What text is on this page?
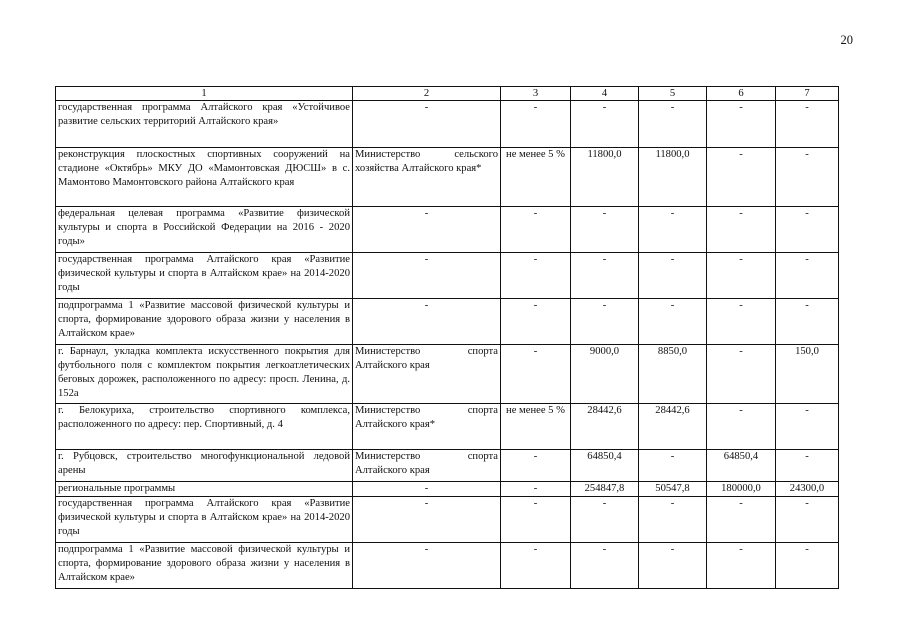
20
1	2	3	4	5	6	7
государственная программа Алтайского края «Устойчивое развитие сельских территорий Алтайского края»	-	-	-	-	-	-
реконструкция плоскостных спортивных сооружений на стадионе «Октябрь» МКУ ДО «Мамонтовская ДЮСШ» в с. Мамонтово Мамонтовского района Алтайского края	Министерство сельского хозяйства Алтайского края*	не менее 5 %	11800,0	11800,0	-	-
федеральная целевая программа «Развитие физической культуры и спорта в Российской Федерации на 2016 - 2020 годы»	-	-	-	-	-	-
государственная программа Алтайского края «Развитие физической культуры и спорта в Алтайском крае» на 2014-2020 годы	-	-	-	-	-	-
подпрограмма 1 «Развитие массовой физической культуры и спорта, формирование здорового образа жизни у населения в Алтайском крае»	-	-	-	-	-	-
г. Барнаул, укладка комплекта искусственного покрытия для футбольного поля с комплектом покрытия легкоатлетических беговых дорожек, расположенного по адресу: просп. Ленина, д. 152а	Министерство спорта Алтайского края	-	9000,0	8850,0	-	150,0
г. Белокуриха, строительство спортивного комплекса, расположенного по адресу: пер. Спортивный, д. 4	Министерство спорта Алтайского края*	не менее 5 %	28442,6	28442,6	-	-
г. Рубцовск, строительство многофункциональной ледовой арены	Министерство спорта Алтайского края	-	64850,4	-	64850,4	-
региональные программы	-	-	254847,8	50547,8	180000,0	24300,0
государственная программа Алтайского края «Развитие физической культуры и спорта в Алтайском крае» на 2014-2020 годы	-	-	-	-	-	-
подпрограмма 1 «Развитие массовой физической культуры и спорта, формирование здорового образа жизни у населения в Алтайском крае»	-	-	-	-	-	-
